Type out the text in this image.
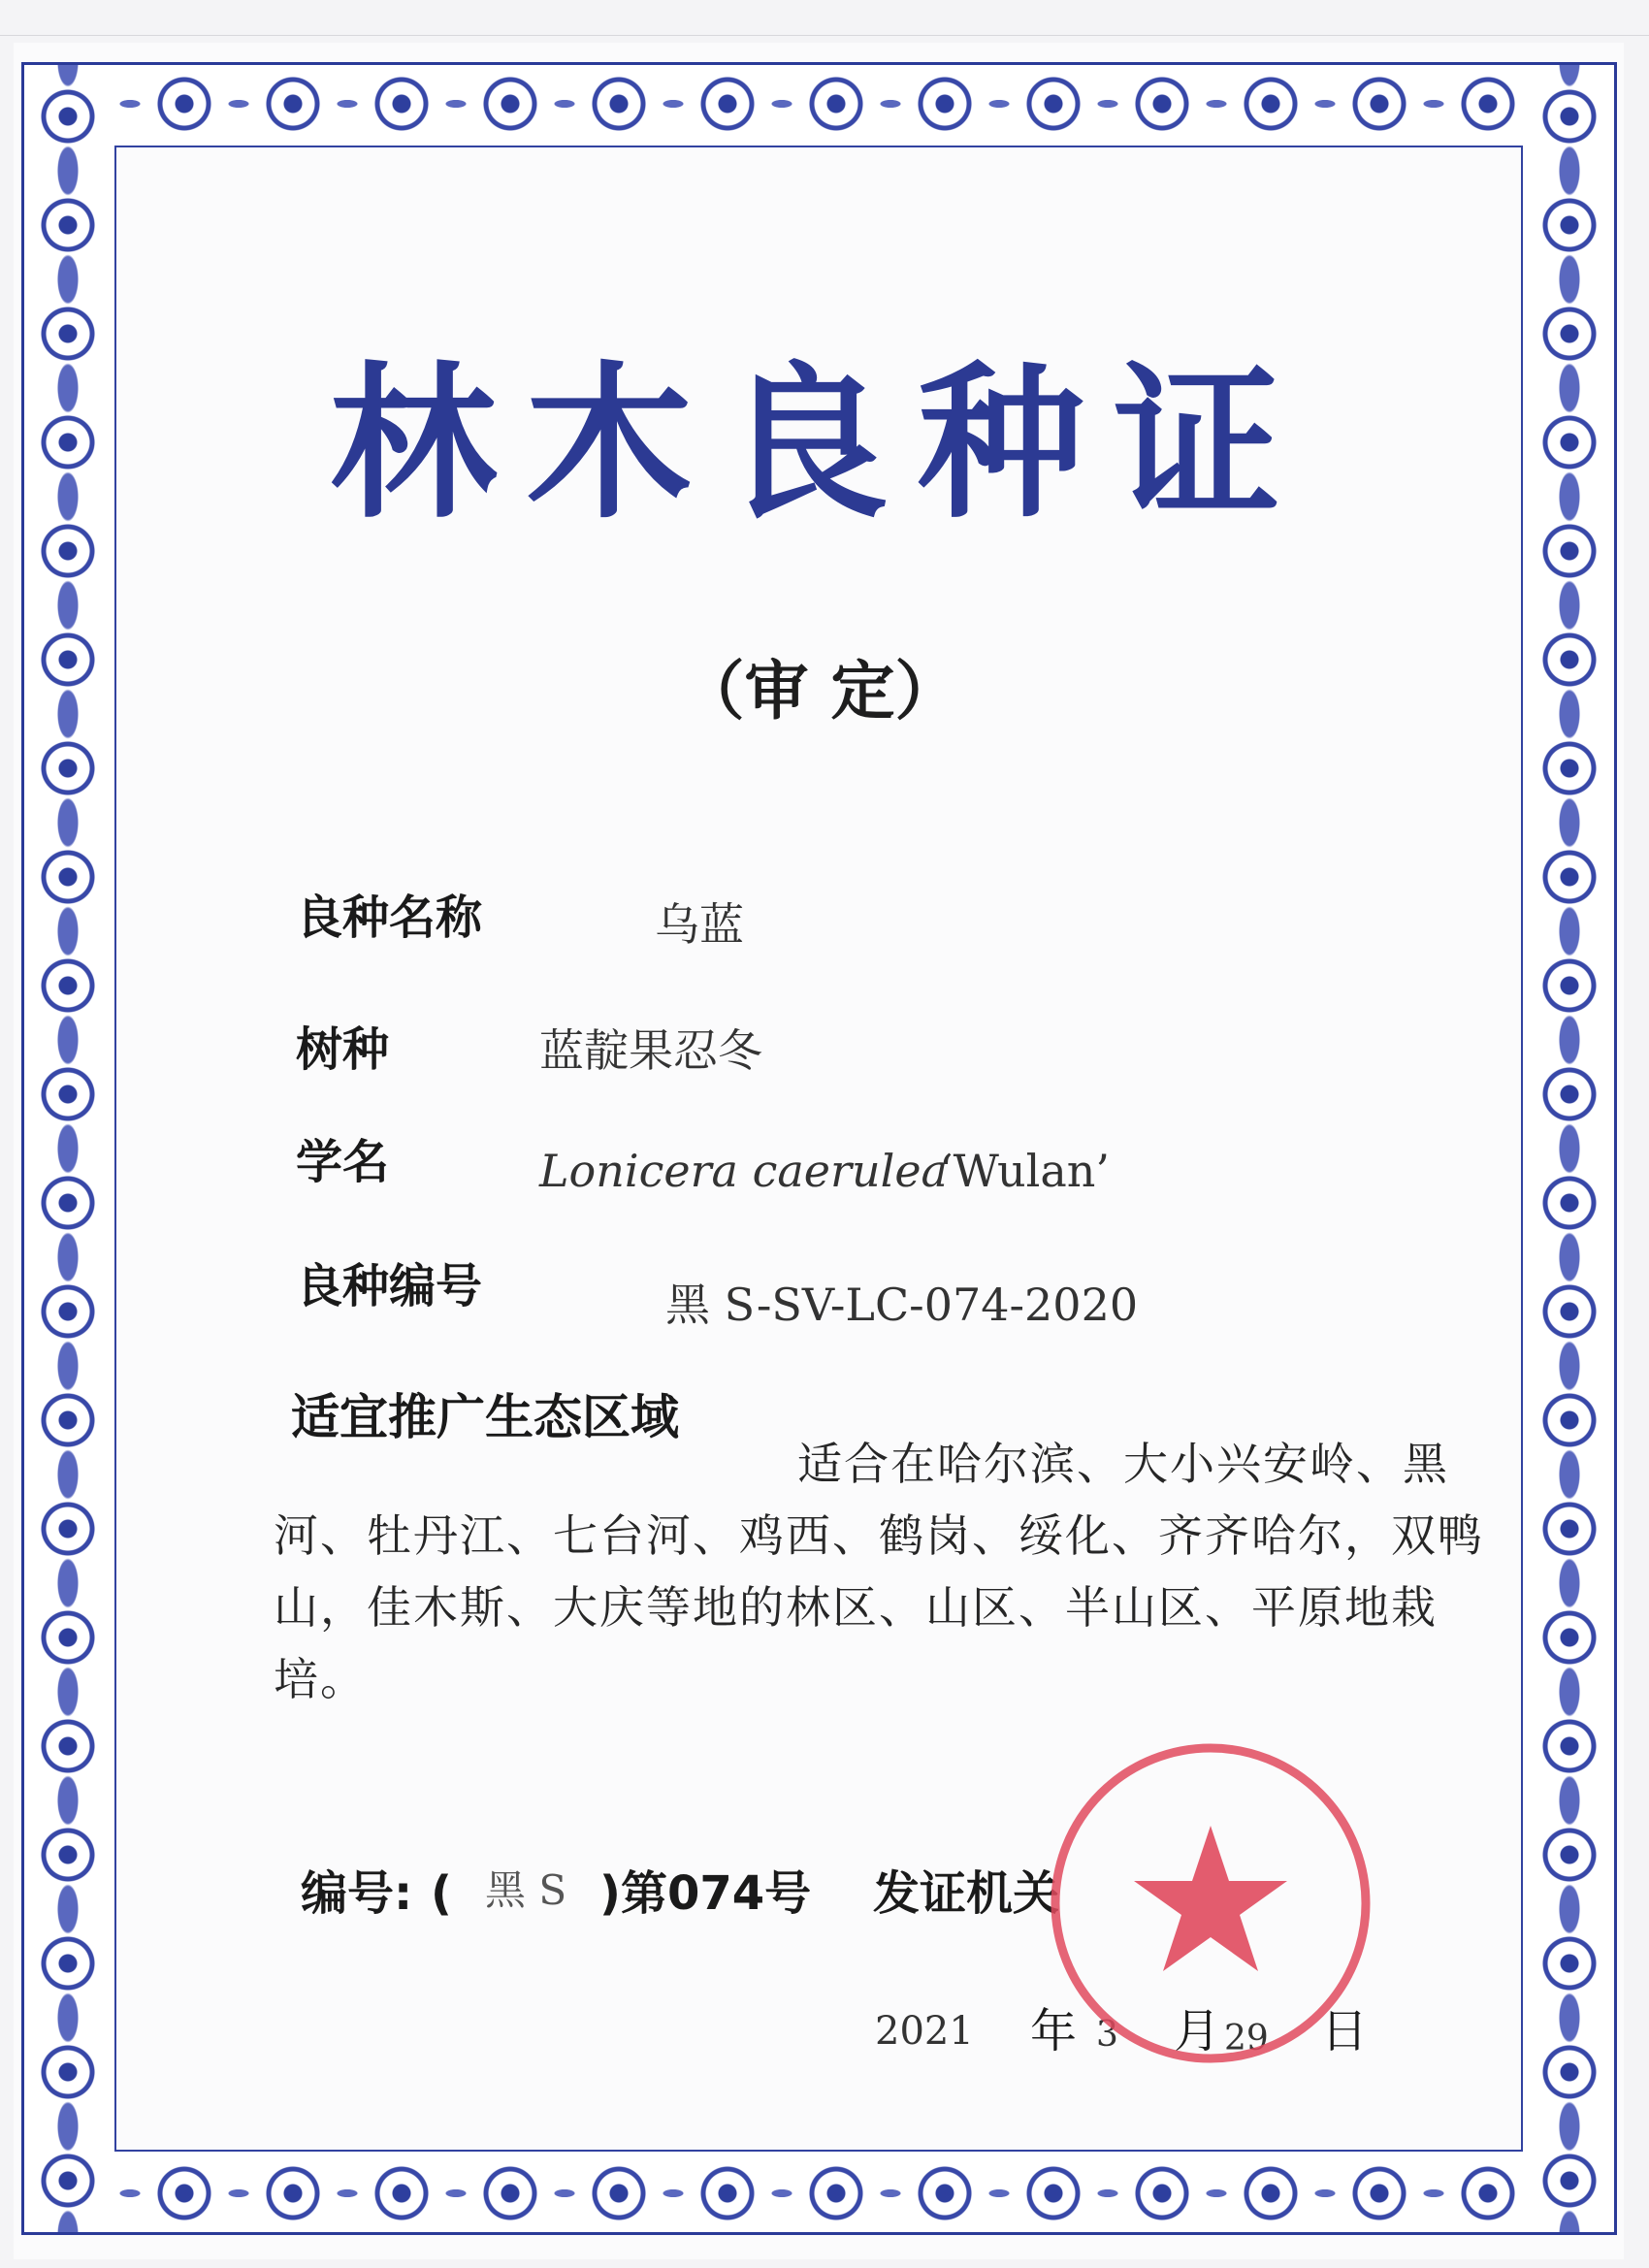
林木良种证
（审 定）
良种名称	乌蓝
树种	蓝靛果忍冬
学名	Lonicera caerulea
‘Wulan’
良种编号	黑 S-SV-LC-074-2020
适宜推广生态区域
适合在哈尔滨、大小兴安岭、黑河、牡丹江、七台河、鸡西、鹤岗、绥化、齐齐哈尔，双鸭山，佳木斯、大庆等地的林区、山区、半山区、平原地栽培。
编号: ( 黑 S )第074号 发证机关
2021 年 3 月 29 日
